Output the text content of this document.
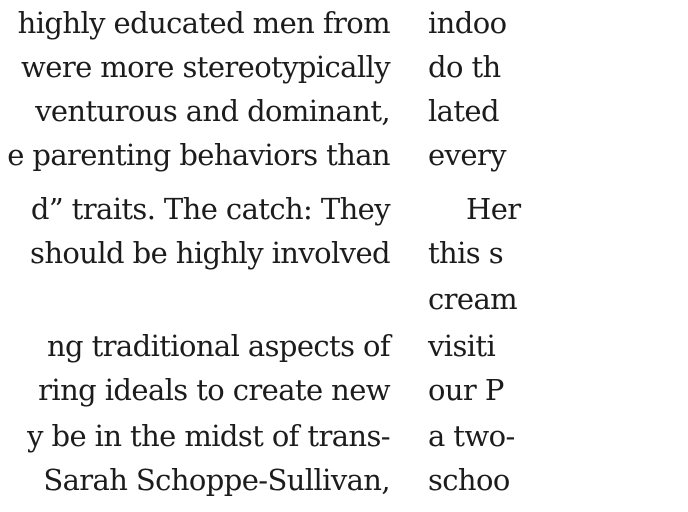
highly educated men from
were more stereotypically
venturous and dominant,
e parenting behaviors than
d” traits. The catch: They
should be highly involved
ng traditional aspects of
ring ideals to create new
y be in the midst of trans-
Sarah Schoppe-Sullivan,
indoo
do th
lated
every
Her
this s
cream
visiti
our P
a two-
schoo
